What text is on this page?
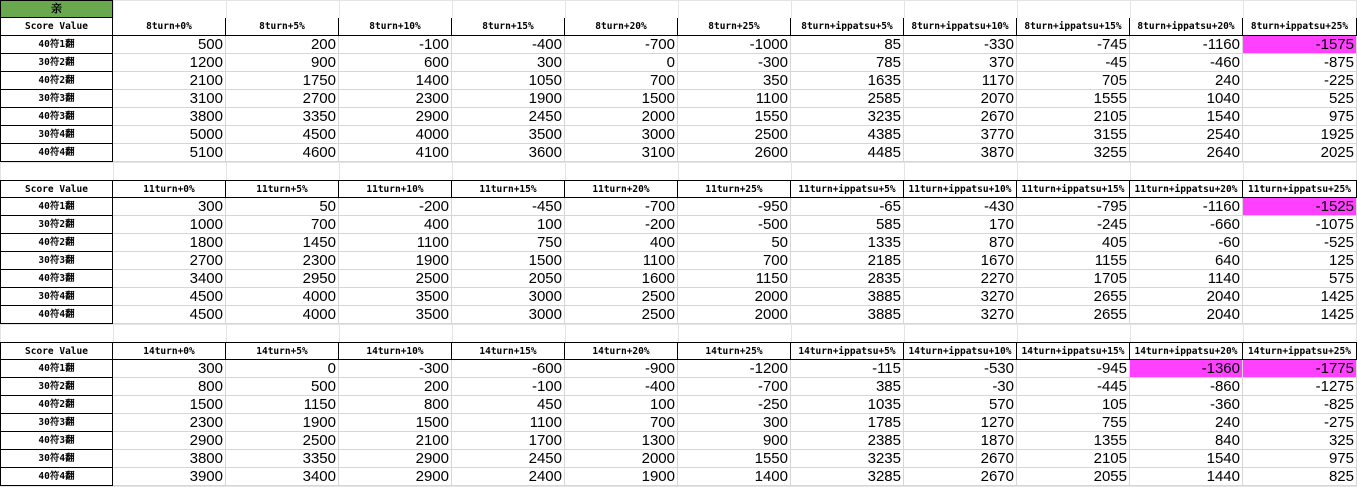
亲
Score Value	8turn+0%	8turn+5%	8turn+10%	8turn+15%	8turn+20%	8turn+25%	8turn+ippatsu+5%	8turn+ippatsu+10%	8turn+ippatsu+15%	8turn+ippatsu+20%	8turn+ippatsu+25%
40符1翻	500	200	-100	-400	-700	-1000	85	-330	-745	-1160	-1575
30符2翻	1200	900	600	300	0	-300	785	370	-45	-460	-875
40符2翻	2100	1750	1400	1050	700	350	1635	1170	705	240	-225
30符3翻	3100	2700	2300	1900	1500	1100	2585	2070	1555	1040	525
40符3翻	3800	3350	2900	2450	2000	1550	3235	2670	2105	1540	975
30符4翻	5000	4500	4000	3500	3000	2500	4385	3770	3155	2540	1925
40符4翻	5100	4600	4100	3600	3100	2600	4485	3870	3255	2640	2025
Score Value	11turn+0%	11turn+5%	11turn+10%	11turn+15%	11turn+20%	11turn+25%	11turn+ippatsu+5%	11turn+ippatsu+10%	11turn+ippatsu+15%	11turn+ippatsu+20%	11turn+ippatsu+25%
40符1翻	300	50	-200	-450	-700	-950	-65	-430	-795	-1160	-1525
30符2翻	1000	700	400	100	-200	-500	585	170	-245	-660	-1075
40符2翻	1800	1450	1100	750	400	50	1335	870	405	-60	-525
30符3翻	2700	2300	1900	1500	1100	700	2185	1670	1155	640	125
40符3翻	3400	2950	2500	2050	1600	1150	2835	2270	1705	1140	575
30符4翻	4500	4000	3500	3000	2500	2000	3885	3270	2655	2040	1425
40符4翻	4500	4000	3500	3000	2500	2000	3885	3270	2655	2040	1425
Score Value	14turn+0%	14turn+5%	14turn+10%	14turn+15%	14turn+20%	14turn+25%	14turn+ippatsu+5%	14turn+ippatsu+10%	14turn+ippatsu+15%	14turn+ippatsu+20%	14turn+ippatsu+25%
40符1翻	300	0	-300	-600	-900	-1200	-115	-530	-945	-1360	-1775
30符2翻	800	500	200	-100	-400	-700	385	-30	-445	-860	-1275
40符2翻	1500	1150	800	450	100	-250	1035	570	105	-360	-825
30符3翻	2300	1900	1500	1100	700	300	1785	1270	755	240	-275
40符3翻	2900	2500	2100	1700	1300	900	2385	1870	1355	840	325
30符4翻	3800	3350	2900	2450	2000	1550	3235	2670	2105	1540	975
40符4翻	3900	3400	2900	2400	1900	1400	3285	2670	2055	1440	825
